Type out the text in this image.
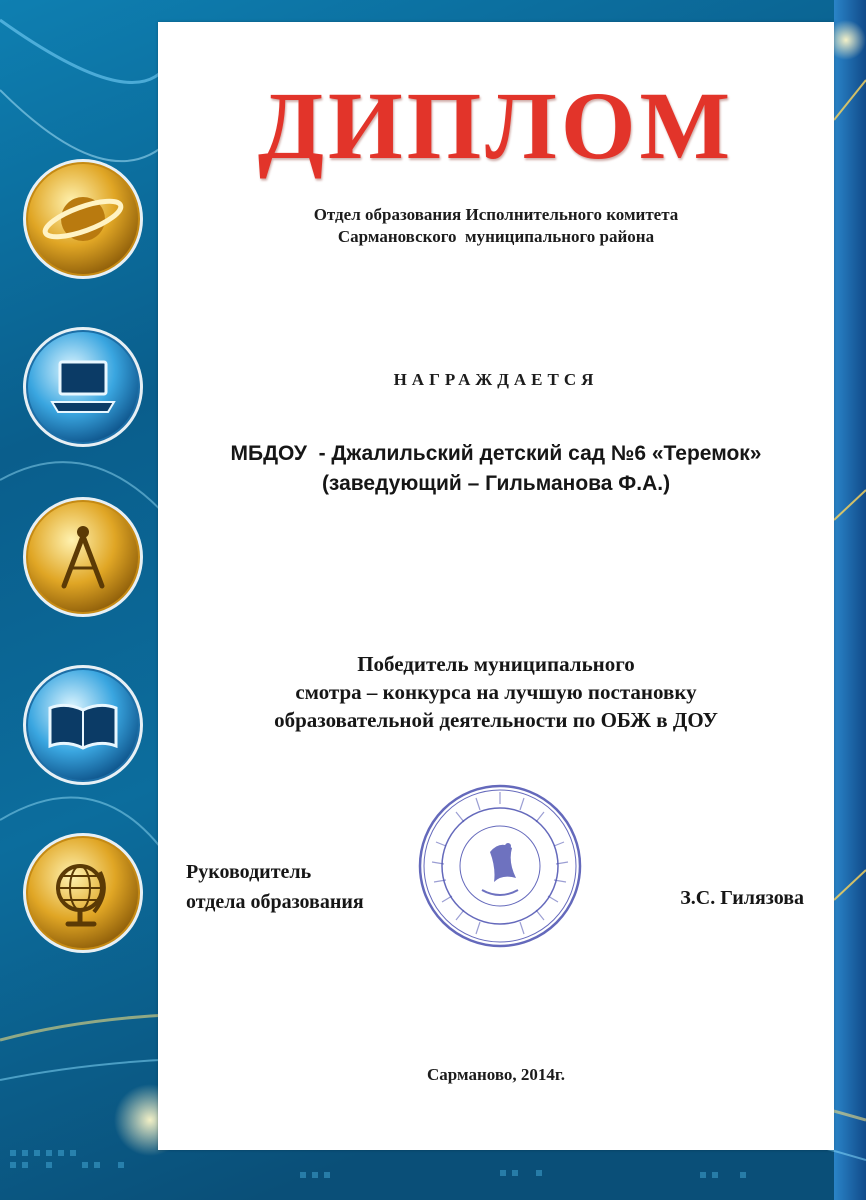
ДИПЛОМ
Отдел образования Исполнительного комитета
Сармановского  муниципального района
НАГРАЖДАЕТСЯ
МБДОУ  - Джалильский детский сад №6 «Теремок»
(заведующий – Гильманова Ф.А.)
Победитель муниципального
смотра – конкурса на лучшую постановку
образовательной деятельности по ОБЖ в ДОУ
Руководитель
отдела образования	З.С. Гилязова
Сарманово, 2014г.
